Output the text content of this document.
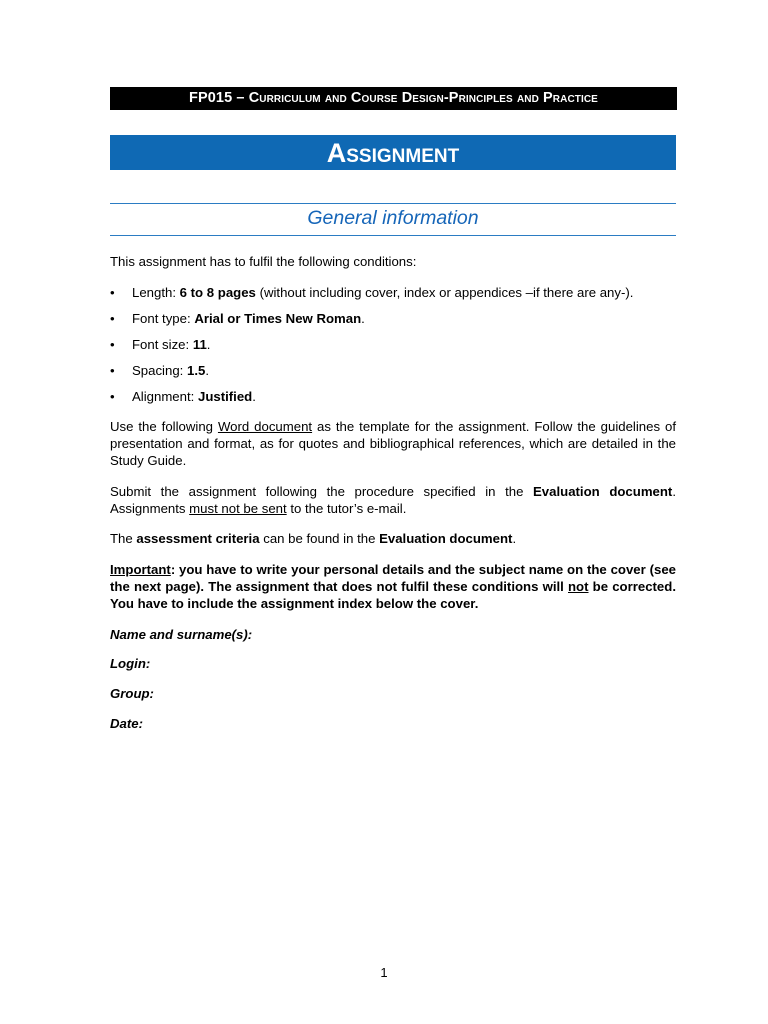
FP015 – Curriculum and Course Design-Principles and Practice
Assignment
General information
This assignment has to fulfil the following conditions:
• Length: 6 to 8 pages (without including cover, index or appendices –if there are any-).
• Font type: Arial or Times New Roman.
• Font size: 11.
• Spacing: 1.5.
• Alignment: Justified.
Use the following Word document as the template for the assignment. Follow the guidelines of presentation and format, as for quotes and bibliographical references, which are detailed in the Study Guide.
Submit the assignment following the procedure specified in the Evaluation document. Assignments must not be sent to the tutor’s e-mail.
The assessment criteria can be found in the Evaluation document.
Important: you have to write your personal details and the subject name on the cover (see the next page). The assignment that does not fulfil these conditions will not be corrected. You have to include the assignment index below the cover.
Name and surname(s):
Login:
Group:
Date:
1
